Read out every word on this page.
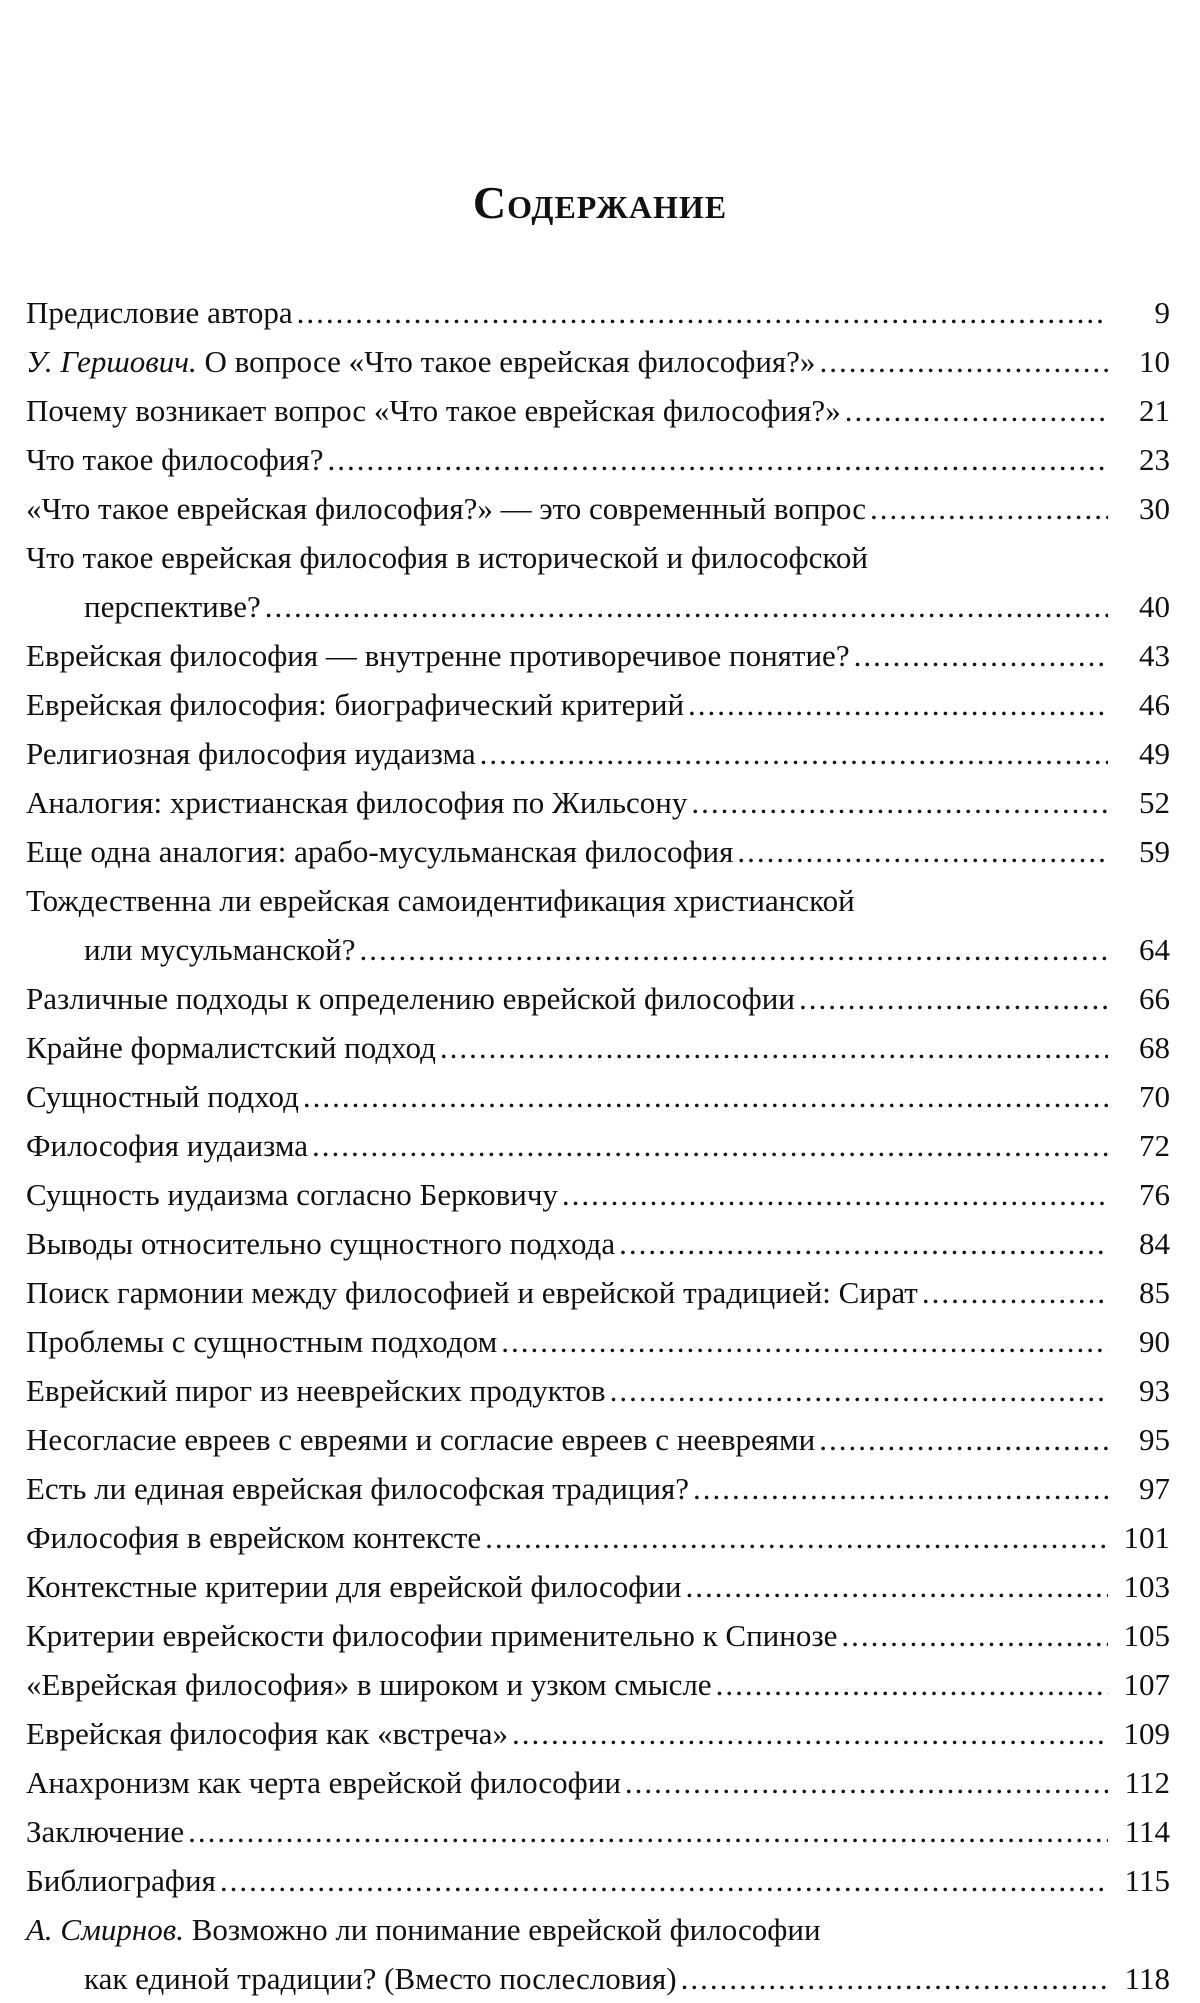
Содержание
Предисловие автора .....	9
У. Гершович. О вопросе «Что такое еврейская философия?» .....	10
Почему возникает вопрос «Что такое еврейская философия?» .....	21
Что такое философия? .....	23
«Что такое еврейская философия?» — это современный вопрос .....	30
Что такое еврейская философия в исторической и философской
перспективе? .....	40
Еврейская философия — внутренне противоречивое понятие? .....	43
Еврейская философия: биографический критерий .....	46
Религиозная философия иудаизма .....	49
Аналогия: христианская философия по Жильсону .....	52
Еще одна аналогия: арабо-мусульманская философия .....	59
Тождественна ли еврейская самоидентификация христианской
или мусульманской? .....	64
Различные подходы к определению еврейской философии .....	66
Крайне формалистский подход .....	68
Сущностный подход .....	70
Философия иудаизма .....	72
Сущность иудаизма согласно Берковичу .....	76
Выводы относительно сущностного подхода .....	84
Поиск гармонии между философией и еврейской традицией: Сират .....	85
Проблемы с сущностным подходом .....	90
Еврейский пирог из нееврейских продуктов .....	93
Несогласие евреев с евреями и согласие евреев с неевреями .....	95
Есть ли единая еврейская философская традиция? .....	97
Философия в еврейском контексте .....	101
Контекстные критерии для еврейской философии .....	103
Критерии еврейскости философии применительно к Спинозе .....	105
«Еврейская философия» в широком и узком смысле .....	107
Еврейская философия как «встреча» .....	109
Анахронизм как черта еврейской философии .....	112
Заключение .....	114
Библиография .....	115
А. Смирнов. Возможно ли понимание еврейской философии
как единой традиции? (Вместо послесловия) .....	118
